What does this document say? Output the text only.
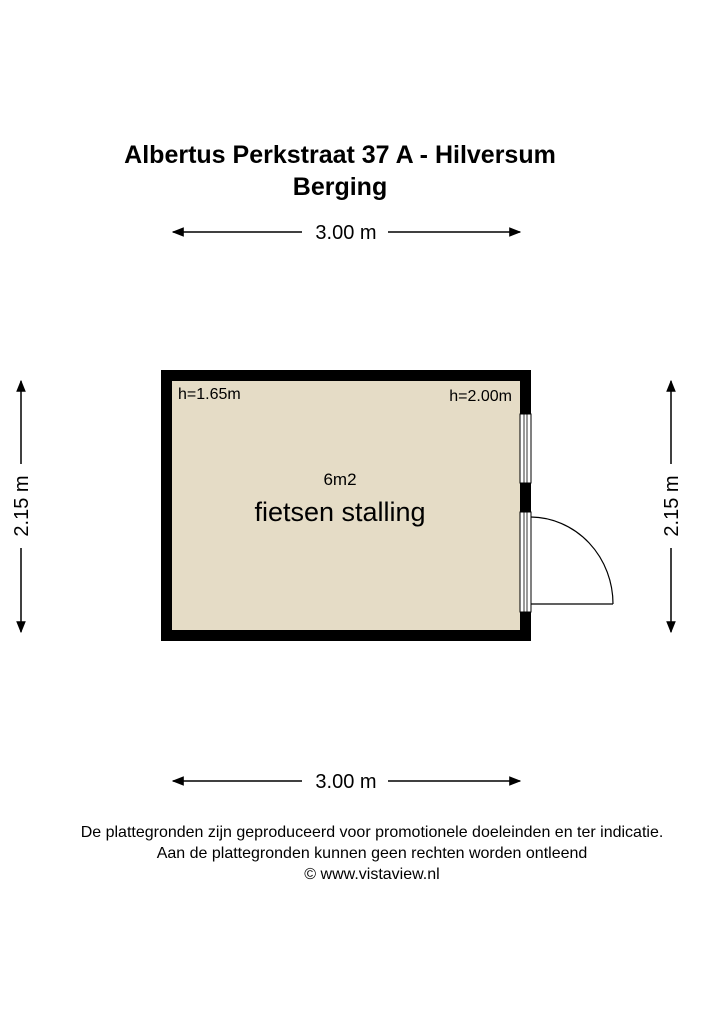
Albertus Perkstraat 37 A - Hilversum
Berging
3.00 m
3.00 m
2.15 m	2.15 m
h=1.65m	h=2.00m
6m2
fietsen stalling
De plattegronden zijn geproduceerd voor promotionele doeleinden en ter indicatie.
Aan de plattegronden kunnen geen rechten worden ontleend
© www.vistaview.nl
